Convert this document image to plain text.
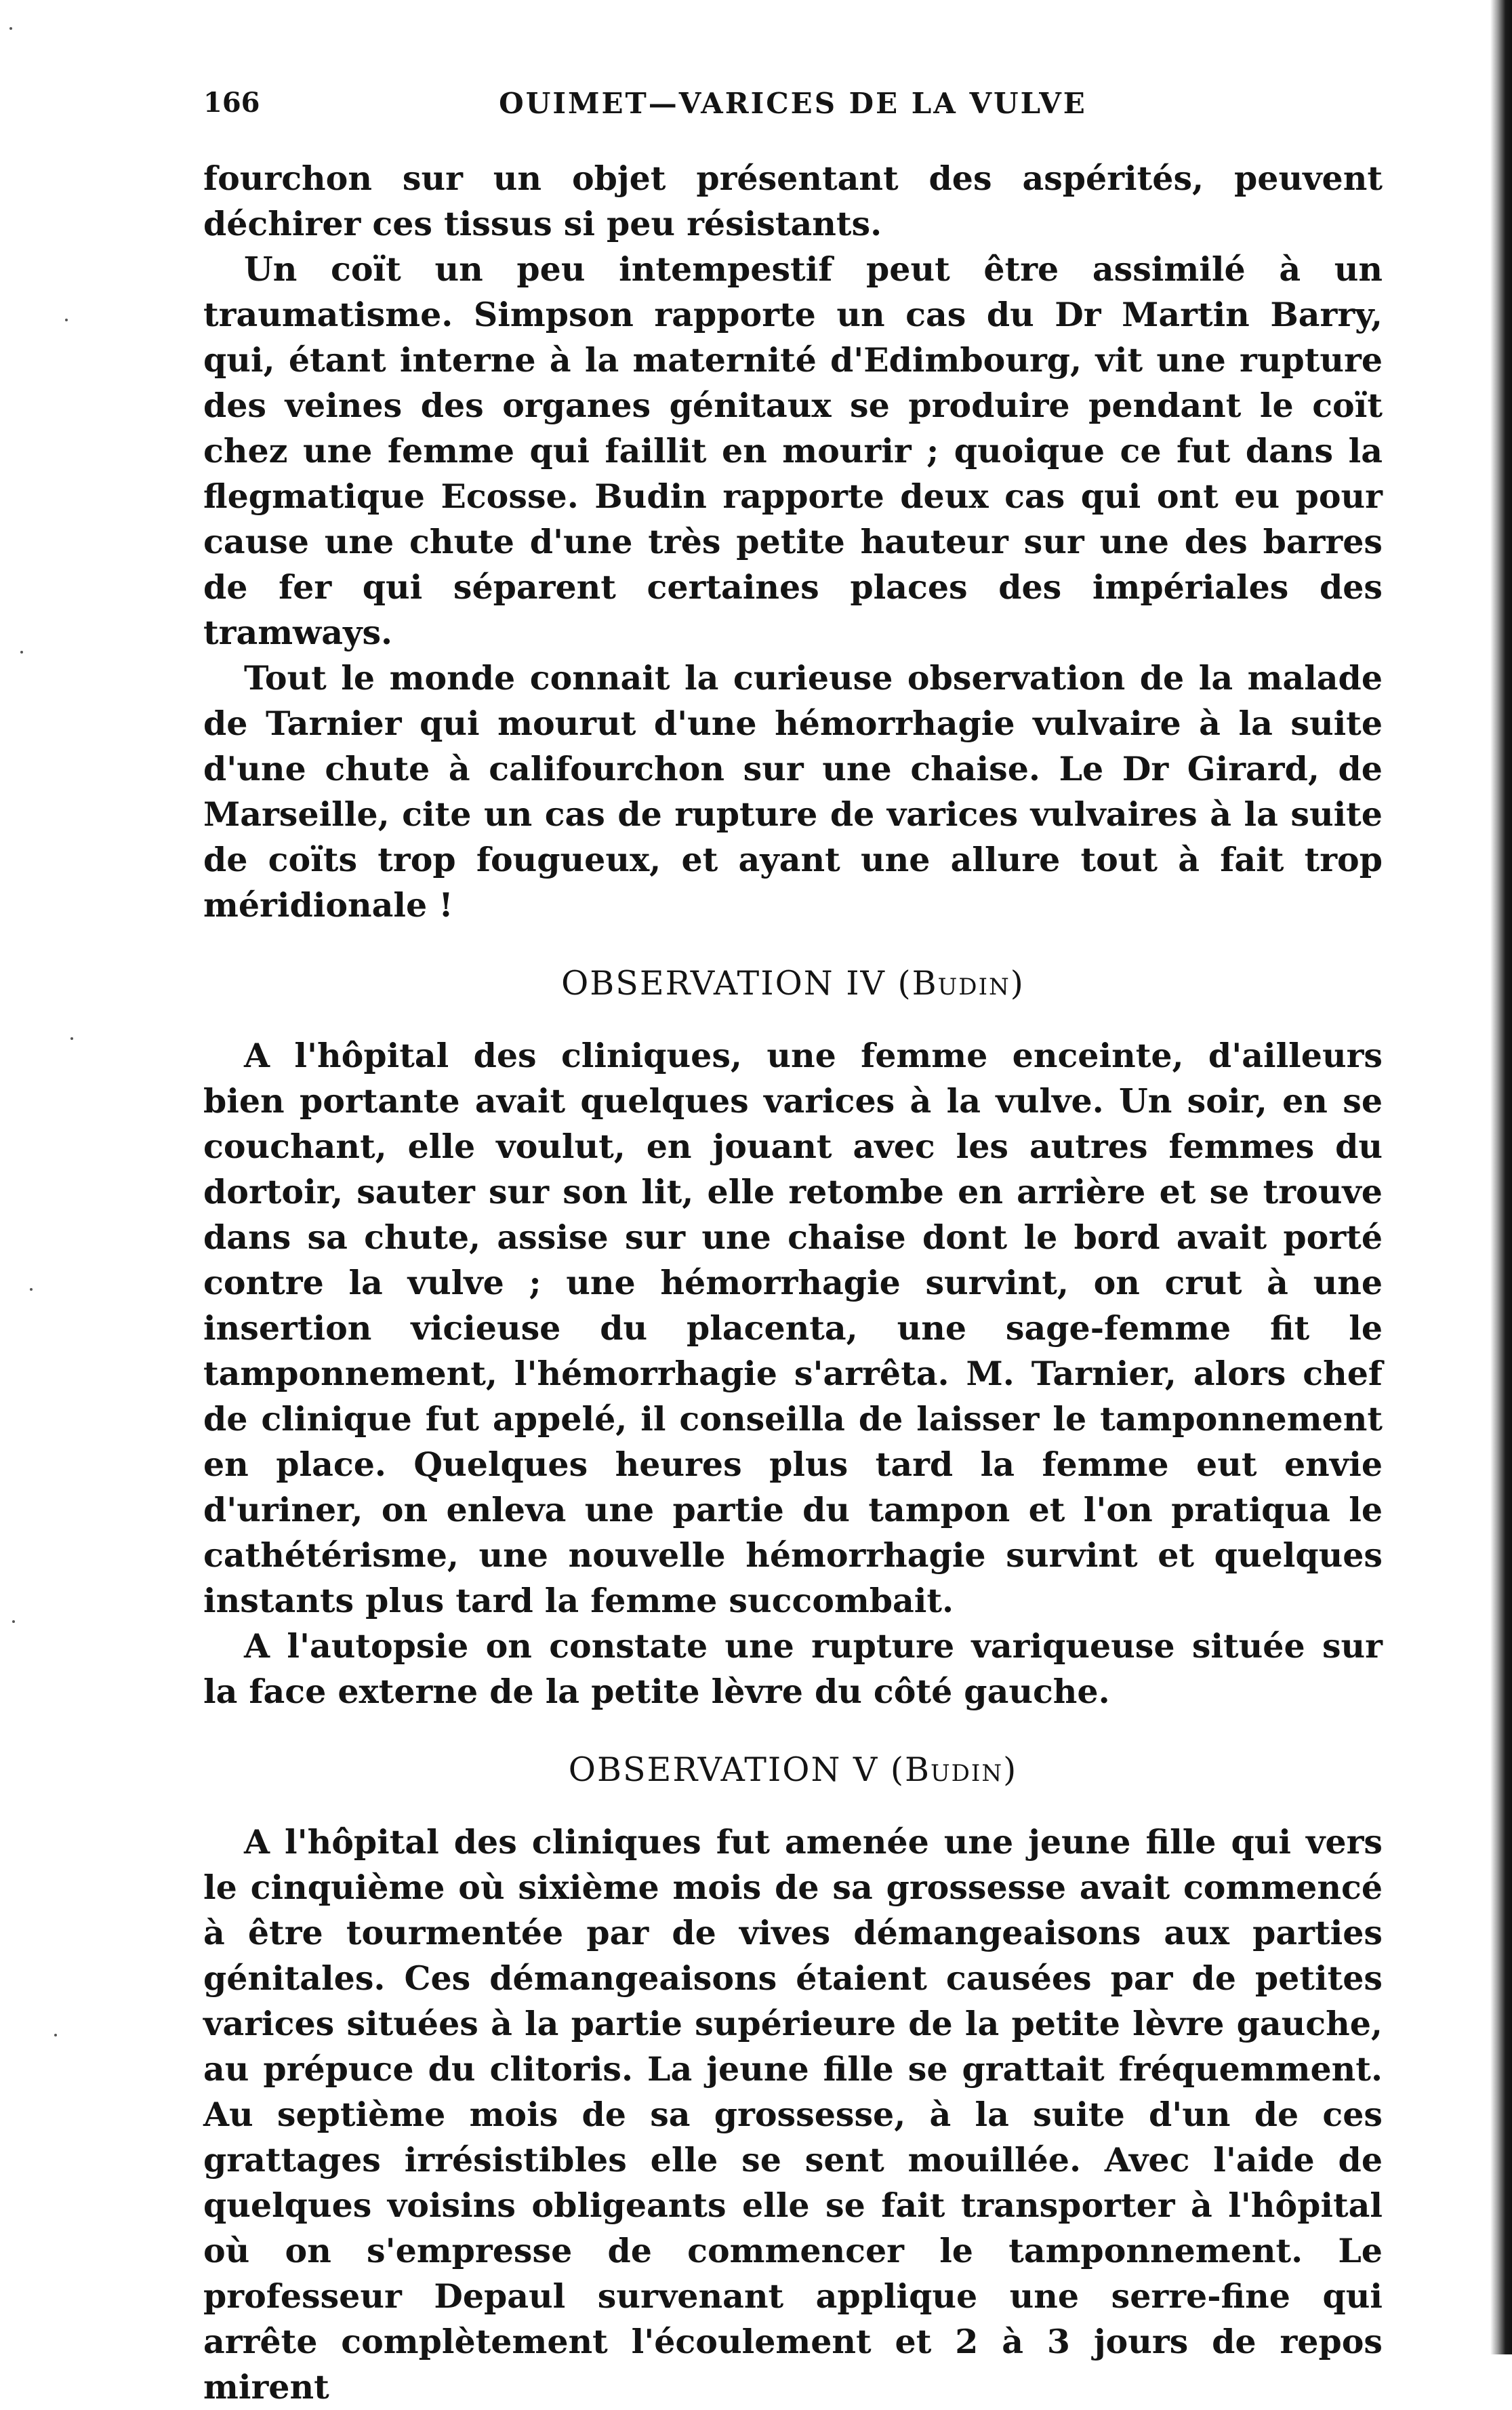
166	OUIMET—VARICES DE LA VULVE

fourchon sur un objet présentant des aspérités, peuvent déchirer ces tissus si peu résistants.

Un coït un peu intempestif peut être assimilé à un traumatisme. Simpson rapporte un cas du Dr Martin Barry, qui, étant interne à la maternité d'Edimbourg, vit une rupture des veines des organes génitaux se produire pendant le coït chez une femme qui faillit en mourir ; quoique ce fut dans la flegmatique Ecosse. Budin rapporte deux cas qui ont eu pour cause une chute d'une très petite hauteur sur une des barres de fer qui séparent certaines places des impériales des tramways.

Tout le monde connait la curieuse observation de la malade de Tarnier qui mourut d'une hémorrhagie vulvaire à la suite d'une chute à califourchon sur une chaise. Le Dr Girard, de Marseille, cite un cas de rupture de varices vulvaires à la suite de coïts trop fougueux, et ayant une allure tout à fait trop méridionale !

OBSERVATION IV (Budin)

A l'hôpital des cliniques, une femme enceinte, d'ailleurs bien portante avait quelques varices à la vulve. Un soir, en se couchant, elle voulut, en jouant avec les autres femmes du dortoir, sauter sur son lit, elle retombe en arrière et se trouve dans sa chute, assise sur une chaise dont le bord avait porté contre la vulve ; une hémorrhagie survint, on crut à une insertion vicieuse du placenta, une sage-femme fit le tamponnement, l'hémorrhagie s'arrêta. M. Tarnier, alors chef de clinique fut appelé, il conseilla de laisser le tamponnement en place. Quelques heures plus tard la femme eut envie d'uriner, on enleva une partie du tampon et l'on pratiqua le cathétérisme, une nouvelle hémorrhagie survint et quelques instants plus tard la femme succombait.

A l'autopsie on constate une rupture variqueuse située sur la face externe de la petite lèvre du côté gauche.

OBSERVATION V (Budin)

A l'hôpital des cliniques fut amenée une jeune fille qui vers le cinquième où sixième mois de sa grossesse avait commencé à être tourmentée par de vives démangeaisons aux parties génitales. Ces démangeaisons étaient causées par de petites varices situées à la partie supérieure de la petite lèvre gauche, au prépuce du clitoris. La jeune fille se grattait fréquemment. Au septième mois de sa grossesse, à la suite d'un de ces grattages irrésistibles elle se sent mouillée. Avec l'aide de quelques voisins obligeants elle se fait transporter à l'hôpital où on s'empresse de commencer le tamponnement. Le professeur Depaul survenant applique une serre-fine qui arrête complètement l'écoulement et 2 à 3 jours de repos mirent
